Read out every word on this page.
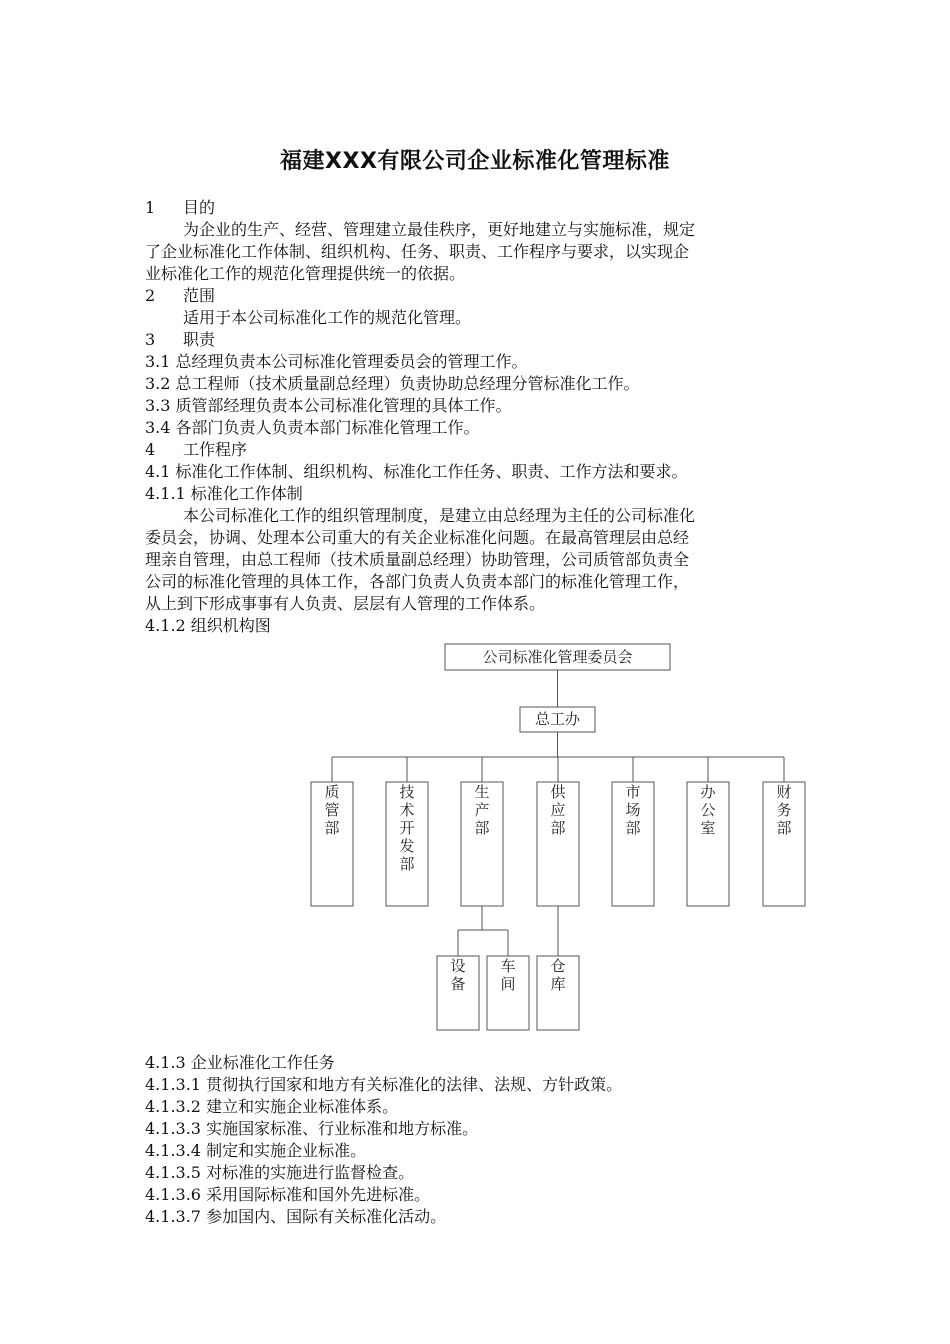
福建XXX有限公司企业标准化管理标准
1 目的
为企业的生产、经营、管理建立最佳秩序，更好地建立与实施标准，规定
了企业标准化工作体制、组织机构、任务、职责、工作程序与要求，以实现企
业标准化工作的规范化管理提供统一的依据。
2 范围
适用于本公司标准化工作的规范化管理。
3 职责
3.1 总经理负责本公司标准化管理委员会的管理工作。
3.2 总工程师（技术质量副总经理）负责协助总经理分管标准化工作。
3.3 质管部经理负责本公司标准化管理的具体工作。
3.4 各部门负责人负责本部门标准化管理工作。
4 工作程序
4.1 标准化工作体制、组织机构、标准化工作任务、职责、工作方法和要求。
4.1.1 标准化工作体制
本公司标准化工作的组织管理制度，是建立由总经理为主任的公司标准化
委员会，协调、处理本公司重大的有关企业标准化问题。在最高管理层由总经
理亲自管理，由总工程师（技术质量副总经理）协助管理，公司质管部负责全
公司的标准化管理的具体工作，各部门负责人负责本部门的标准化管理工作，
从上到下形成事事有人负责、层层有人管理的工作体系。
4.1.2 组织机构图
公司标准化管理委员会
总工办
质
管
部
技
术
开
发
部
生
产
部
供
应
部
市
场
部
办
公
室
财
务
部
设
备
车
间
仓
库
4.1.3 企业标准化工作任务
4.1.3.1 贯彻执行国家和地方有关标准化的法律、法规、方针政策。
4.1.3.2 建立和实施企业标准体系。
4.1.3.3 实施国家标准、行业标准和地方标准。
4.1.3.4 制定和实施企业标准。
4.1.3.5 对标准的实施进行监督检查。
4.1.3.6 采用国际标准和国外先进标准。
4.1.3.7 参加国内、国际有关标准化活动。
